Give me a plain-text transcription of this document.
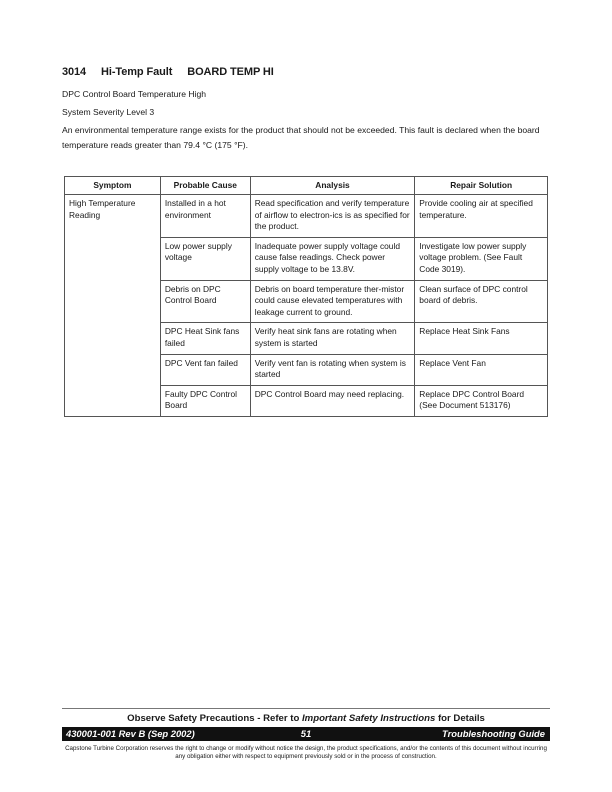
3014 Hi-Temp Fault BOARD TEMP HI
DPC Control Board Temperature High
System Severity Level 3
An environmental temperature range exists for the product that should not be exceeded. This fault is declared when the board temperature reads greater than 79.4 °C (175 °F).
Symptom	Probable Cause	Analysis	Repair Solution
High Temperature Reading	Installed in a hot environment	Read specification and verify temperature of airflow to electron-ics is as specified for the product.	Provide cooling air at specified temperature.
	Low power supply voltage	Inadequate power supply voltage could cause false readings. Check power supply voltage to be 13.8V.	Investigate low power supply voltage problem. (See Fault Code 3019).
	Debris on DPC Control Board	Debris on board temperature ther-mistor could cause elevated temperatures with leakage current to ground.	Clean surface of DPC control board of debris.
	DPC Heat Sink fans failed	Verify heat sink fans are rotating when system is started	Replace Heat Sink Fans
	DPC Vent fan failed	Verify vent fan is rotating when system is started	Replace Vent Fan
	Faulty DPC Control Board	DPC Control Board may need replacing.	Replace DPC Control Board (See Document 513176)
Observe Safety Precautions - Refer to Important Safety Instructions for Details
51
430001-001 Rev B (Sep 2002)	Troubleshooting Guide
Capstone Turbine Corporation reserves the right to change or modify without notice the design, the product specifications, and/or the contents of this document without incurring any obligation either with respect to equipment previously sold or in the process of construction.
